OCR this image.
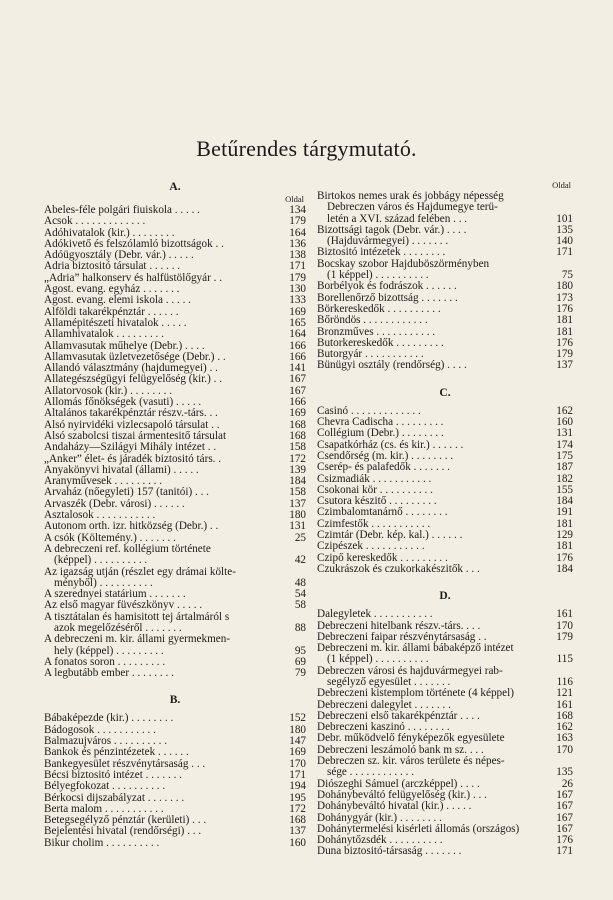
Betűrendes tárgymutató.
A.
Oldal
Ábeles-féle polgári fiuiskola . . . . .	134
Ácsok . . . . . . . . . . . . .	179
Adóhivatalok (kir.) . . . . . . . .	164
Adókivető és felszólamló bizottságok . .	136
Adóügyosztály (Debr. vár.) . . . . .	138
Adria biztositó társulat . . . . . .	171
„Adria” halkonserv és halfüstölőgyár . .	179
Ágost. evang. egyház . . . . . . .	130
Ágost. evang. elemi iskola . . . . .	133
Alföldi takarékpénztár . . . . . .	169
Államépitészeti hivatalok . . . . .	165
Államhivatalok . . . . . . . . .	164
Államvasutak műhelye (Debr.) . . . .	166
Államvasutak üzletvezetősége (Debr.) . .	166
Állandó választmány (hajdumegyei) . .	141
Állategészségügyi felügyelőség (kir.) . .	167
Állatorvosok (kir.) . . . . . . . .	167
Állomás főnökségek (vasuti) . . . . .	166
Általános takarékpénztár részv.-társ. . .	169
Alsó nyirvidéki vizlecsapoló társulat . .	168
Alsó szabolcsi tiszai ármentesitő társulat	168
Andaházy—Szilágyi Mihály intézet . .	158
„Anker” élet- és járadék biztositó társ. .	172
Anyakönyvi hivatal (állami) . . . . .	139
Aranyművesek . . . . . . . . .	184
Árvaház (nőegyleti) 157 (tanitói) . . .	158
Árvaszék (Debr. városi) . . . . . .	137
Asztalosok . . . . . . . . . . .	180
Autonom orth. izr. hitközség (Debr.) . .	131
A csók (Költemény.) . . . . . . .	25
A debreczeni ref. kollégium története
(képpel) . . . . . . . . . .	42
Az igazság utján (részlet egy drámai költe-
ményből) . . . . . . . . . .	48
A szerednyei statárium . . . . . . .	54
Az első magyar füvészkönyv . . . . .	58
A tisztátalan és hamisitott tej ártalmáról s
azok megelőzéséről . . . . . . .	88
A debreczeni m. kir. állami gyermekmen-
hely (képpel) . . . . . . . . .	95
A fonatos soron . . . . . . . . .	69
A legbutább ember . . . . . . . .	79
B.
Bábaképezde (kir.) . . . . . . . .	152
Bádogosok . . . . . . . . . . .	180
Balmazujváros . . . . . . . . . .	147
Bankok és pénzintézetek . . . . . .	169
Bankegyesület részvénytársaság . . .	170
Bécsi biztositó intézet . . . . . . .	171
Bélyegfokozat . . . . . . . . . .	194
Bérkocsi dijszabályzat . . . . . . .	195
Berta malom . . . . . . . . . . .	172
Betegsegélyző pénztár (kerületi) . . .	168
Bejelentési hivatal (rendőrségi) . . .	137
Bikur cholim . . . . . . . . . .	160
Oldal
Birtokos nemes urak és jobbágy népesség
Debreczen város és Hajdumegye terü-
letén a XVI. század felében . . .	101
Bizottsági tagok (Debr. vár.) . . . .	135
(Hajduvármegyei) . . . . . . .	140
Biztositó intézetek . . . . . . . .	171
Bocskay szobor Hajduböszörményben
(1 képpel) . . . . . . . . . .	75
Borbélyok és fodrászok . . . . . .	180
Borellenőrző bizottság . . . . . . .	173
Börkereskedők . . . . . . . . . .	176
Bőröndös . . . . . . . . . . . .	181
Bronzműves . . . . . . . . . . .	181
Butorkereskedők . . . . . . . . .	176
Butorgyár . . . . . . . . . . .	179
Bünügyi osztály (rendőrség) . . . .	137
C.
Casinó . . . . . . . . . . . . .	162
Chevra Cadischa . . . . . . . . .	160
Collégium (Debr.) . . . . . . . .	131
Csapatkórház (cs. és kir.) . . . . . .	174
Csendőrség (m. kir.) . . . . . . . .	175
Cserép- és palafedők . . . . . . .	187
Csizmadiák . . . . . . . . . . .	182
Csokonai kör . . . . . . . . . .	155
Csutora készitő . . . . . . . . .	184
Czimbalomtanárnő . . . . . . . .	191
Czimfestők . . . . . . . . . . .	181
Czimtár (Debr. kép. kal.) . . . . . .	129
Czipészek . . . . . . . . . . .	181
Czipő kereskedők . . . . . . . . .	176
Czukrászok és czukorkakészitők . . .	184
D.
Dalegyletek . . . . . . . . . . .	161
Debreczeni hitelbank részv.-társ. . . .	170
Debreczeni faipar részvénytársaság . .	179
Debreczeni m. kir. állami bábaképző intézet
(1 képpel) . . . . . . . . . .	115
Debreczen városi és hajduvármegyei rab-
segélyző egyesület . . . . . . .	116
Debreczeni kistemplom története (4 képpel)	121
Debreczeni dalegylet . . . . . . .	161
Debreczeni első takarékpénztár . . . .	168
Debreczeni kaszinó . . . . . . . .	162
Debr. működvelő fényképezők egyesülete	163
Debreczeni leszámoló bank m sz. . . .	170
Debreczen sz. kir. város területe és népes-
sége . . . . . . . . . . . .	135
Diószeghi Sámuel (arczképpel) . . . .	26
Dohánybeváltó felügyelőség (kir.) . . .	167
Dohánybeváltó hivatal (kir.) . . . . .	167
Dohánygyár (kir.) . . . . . . . .	167
Dohánytermelési kisérleti állomás (országos)	167
Dohánytőzsdék . . . . . . . . . .	176
Duna biztositó-társaság . . . . . . .	171
